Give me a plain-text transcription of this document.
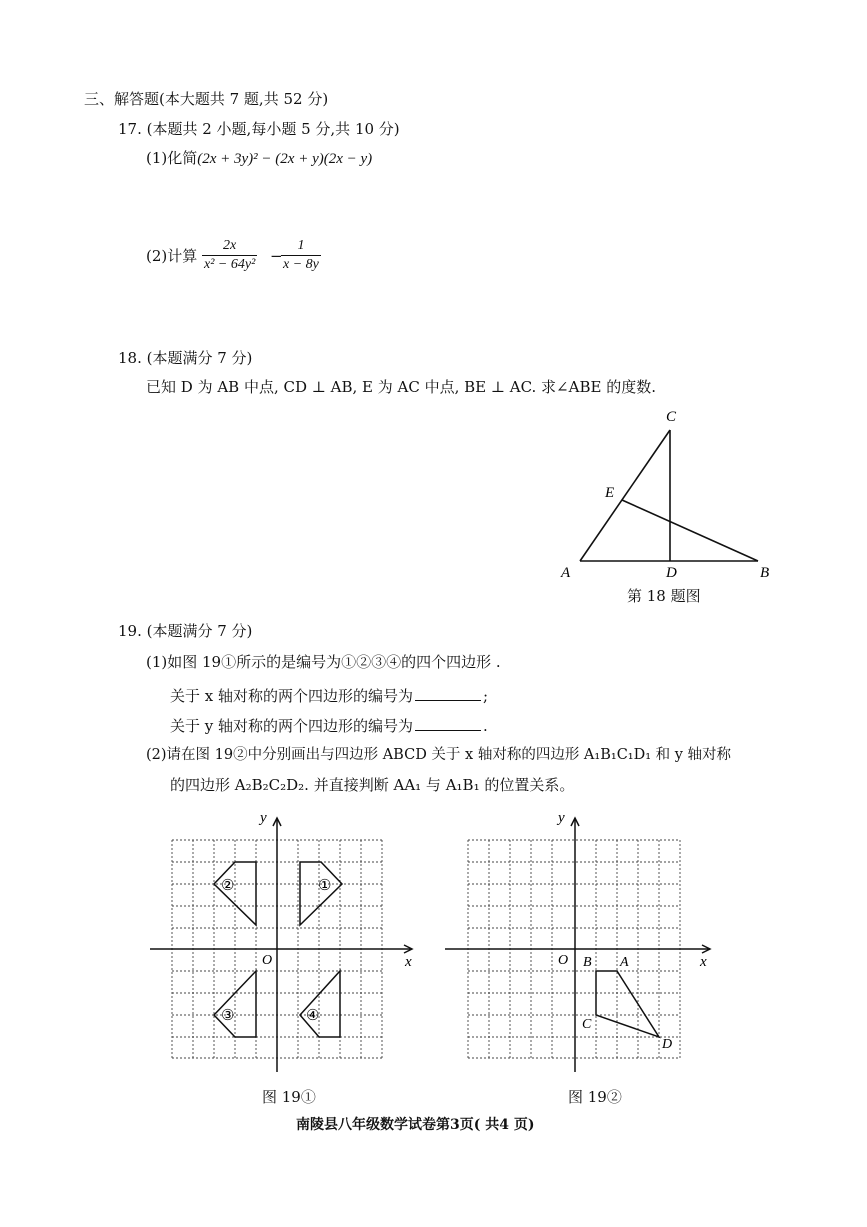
三、解答题(本大题共 7 题,共 52 分)
17. (本题共 2 小题,每小题 5 分,共 10 分)
(1)化简(2x + 3y)² − (2x + y)(2x − y)
(2)计算 $\frac{2x}{\text{x² − 64y²}}$ −
$\frac{1}{x - 8y}$
18. (本题满分 7 分)
已知 D 为 AB 中点, CD ⊥ AB, E 为 AC 中点, BE ⊥ AC. 求∠ABE 的度数.
C
E
A	D	B
第 18 题图
19. (本题满分 7 分)
(1)如图 19①所示的是编号为①②③④的四个四边形 .
关于 x 轴对称的两个四边形的编号为	;
关于 y 轴对称的两个四边形的编号为	.
(2)请在图 19②中分别画出与四边形 ABCD 关于 x 轴对称的四边形 A₁B₁C₁D₁ 和 y 轴对称
的四边形 A₂B₂C₂D₂. 并直接判断 AA₁ 与 A₁B₁ 的位置关系。
y
x
O
①
②
③	④
图 19①
y
x
O B A
C
D
图 19②
南陵县八年级数学试卷第3页( 共4 页)
